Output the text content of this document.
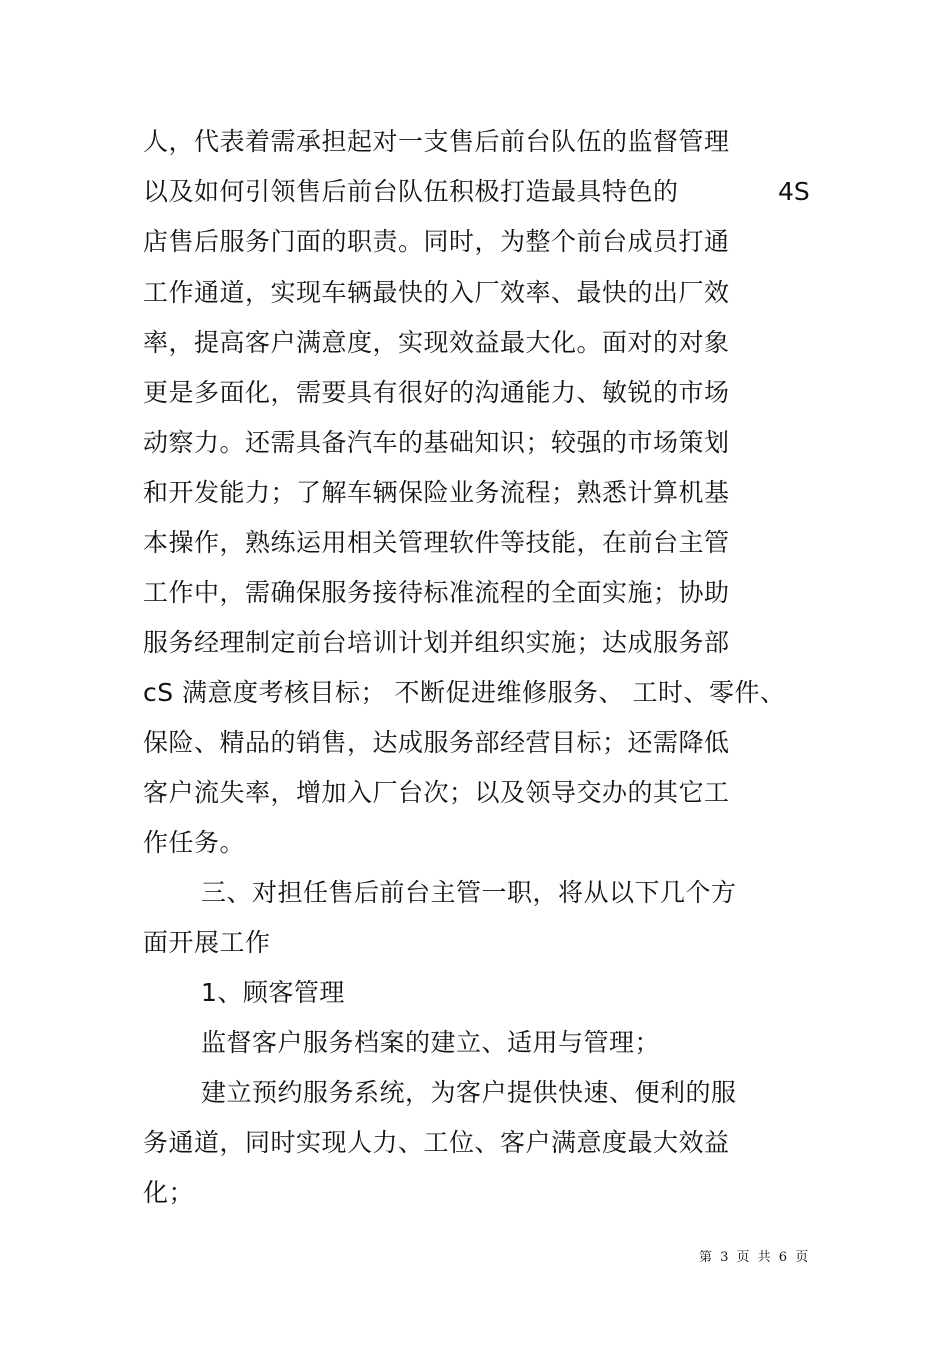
人，代表着需承担起对一支售后前台队伍的监督管理
以及如何引领售后前台队伍积极打造最具特色的	4S
店售后服务门面的职责。同时，为整个前台成员打通
工作通道，实现车辆最快的入厂效率、最快的出厂效
率，提高客户满意度，实现效益最大化。面对的对象
更是多面化，需要具有很好的沟通能力、敏锐的市场
动察力。还需具备汽车的基础知识；较强的市场策划
和开发能力；了解车辆保险业务流程；熟悉计算机基
本操作，熟练运用相关管理软件等技能，在前台主管
工作中，需确保服务接待标准流程的全面实施；协助
服务经理制定前台培训计划并组织实施；达成服务部
cS 满意度考核目标； 不断促进维修服务、 工时、零件、
保险、精品的销售，达成服务部经营目标；还需降低
客户流失率，增加入厂台次；以及领导交办的其它工
作任务。
三、对担任售后前台主管一职，将从以下几个方
面开展工作
1、顾客管理
监督客户服务档案的建立、适用与管理；
建立预约服务系统，为客户提供快速、便利的服
务通道，同时实现人力、工位、客户满意度最大效益
化；
第 3 页 共 6 页
